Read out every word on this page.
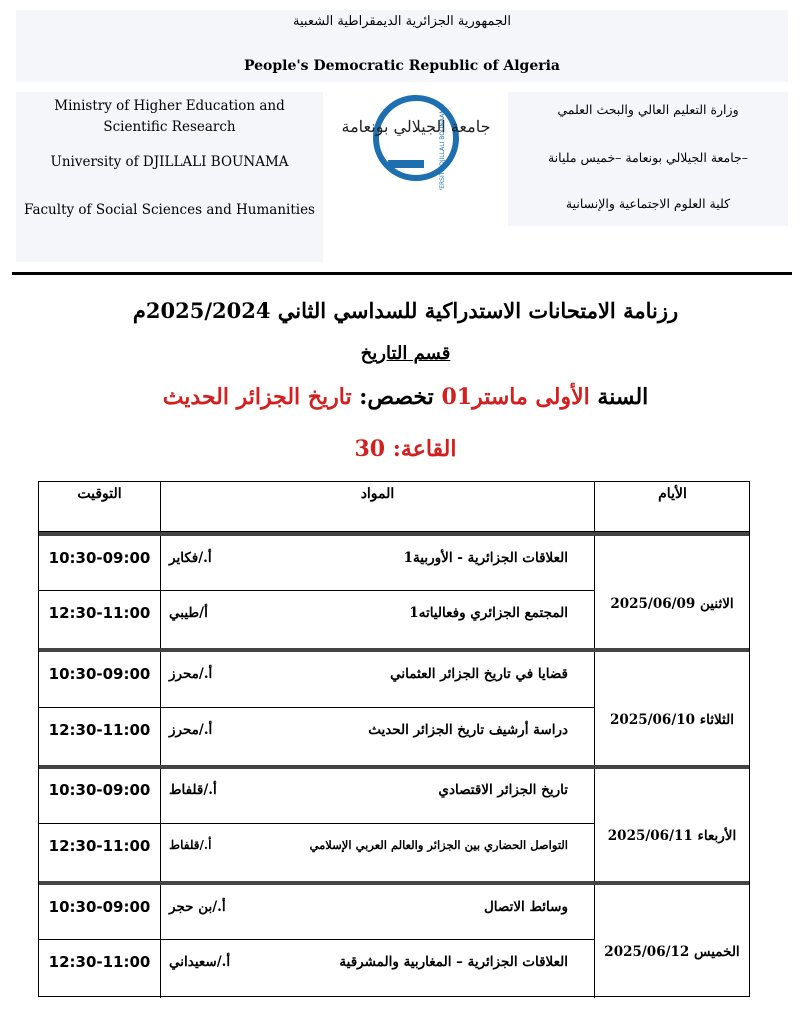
الجمهورية الجزائرية الديمقراطية الشعبية
People's Democratic Republic of Algeria
Ministry of Higher Education and Scientific Research
University of DJILLALI BOUNAMA
Faculty of Social Sciences and Humanities
جامعة الجيلالي بونعامة
UNIVERSITE DJILLALI BOUNAAMA	وزارة التعليم العالي والبحث العلمي
جامعة الجيلالي بونعامة –خميس مليانة–
كلية العلوم الاجتماعية والإنسانية
رزنامة الامتحانات الاستدراكية للسداسي الثاني 2025/2024م
قسم التاريخ
السنة الأولى ماستر01 تخصص: تاريخ الجزائر الحديث
القاعة: 30
الأيام
المواد
التوقيت
الاثنين 2025/06/09
العلاقات الجزائرية - الأوربية1
أ./فكاير
10:30-09:00
المجتمع الجزائري وفعالياته1
أ/طيبي
12:30-11:00
الثلاثاء 2025/06/10
قضايا في تاريخ الجزائر العثماني
أ./محرز
10:30-09:00
دراسة أرشيف تاريخ الجزائر الحديث
أ./محرز
12:30-11:00
الأربعاء 2025/06/11
تاريخ الجزائر الاقتصادي
أ./قلفاط
10:30-09:00
التواصل الحضاري بين الجزائر والعالم العربي الإسلامي
أ./قلفاط
12:30-11:00
الخميس 2025/06/12
وسائط الاتصال
أ./بن حجر
10:30-09:00
العلاقات الجزائرية – المغاربية والمشرقية
أ./سعيداني
12:30-11:00
